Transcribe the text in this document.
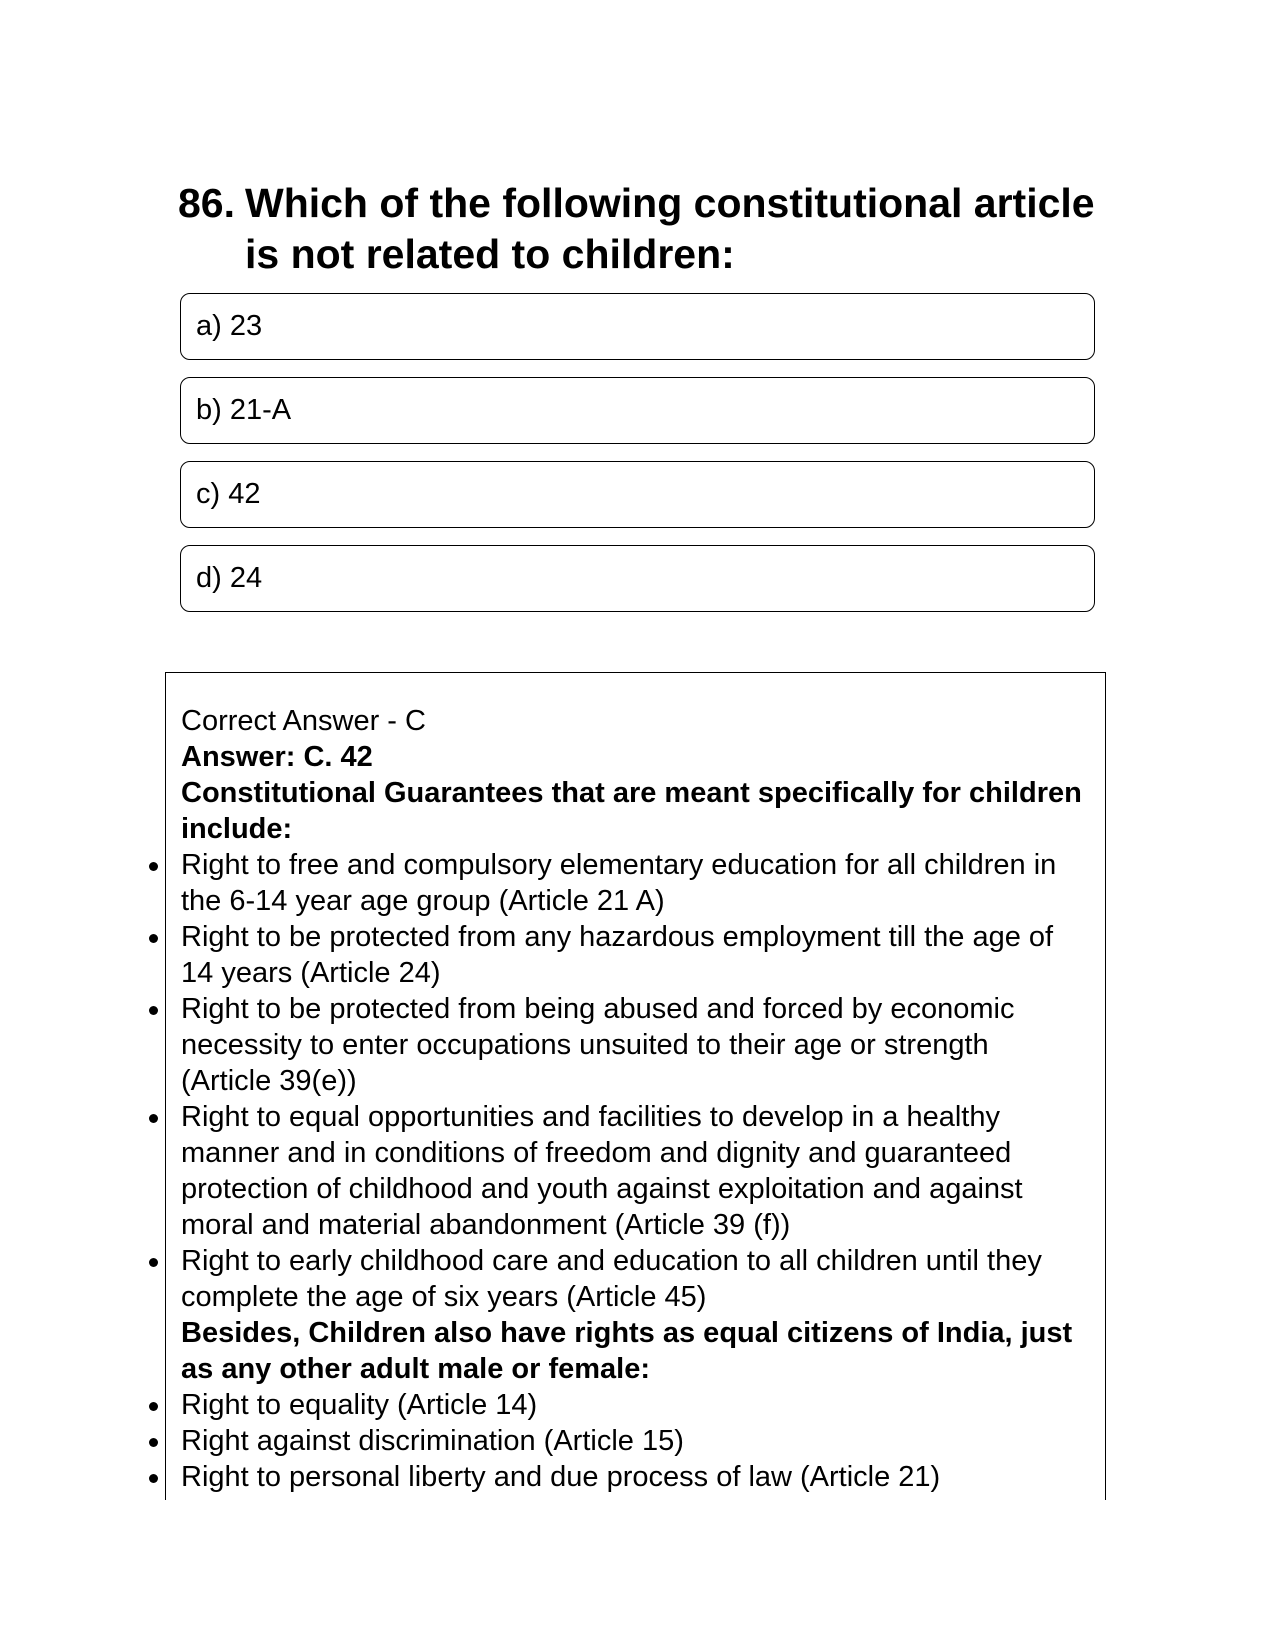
86. Which of the following constitutional article is not related to children:
a) 23
b) 21-A
c) 42
d) 24
Correct Answer - C
Answer: C. 42
Constitutional Guarantees that are meant specifically for children include:
Right to free and compulsory elementary education for all children in the 6-14 year age group (Article 21 A)
Right to be protected from any hazardous employment till the age of 14 years (Article 24)
Right to be protected from being abused and forced by economic necessity to enter occupations unsuited to their age or strength (Article 39(e))
Right to equal opportunities and facilities to develop in a healthy manner and in conditions of freedom and dignity and guaranteed protection of childhood and youth against exploitation and against moral and material abandonment (Article 39 (f))
Right to early childhood care and education to all children until they complete the age of six years (Article 45)
Besides, Children also have rights as equal citizens of India, just as any other adult male or female:
Right to equality (Article 14)
Right against discrimination (Article 15)
Right to personal liberty and due process of law (Article 21)
